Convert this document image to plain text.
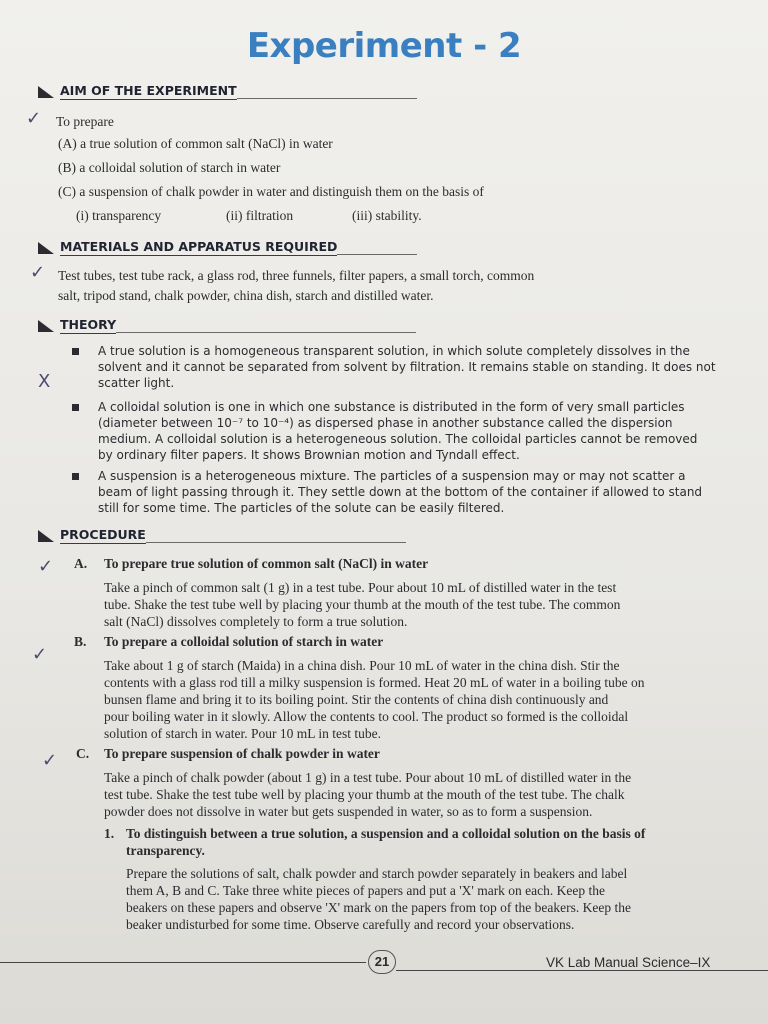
Experiment - 2
AIM OF THE EXPERIMENT
✓ To prepare
(A) a true solution of common salt (NaCl) in water
(B) a colloidal solution of starch in water
(C) a suspension of chalk powder in water and distinguish them on the basis of
(i) transparency	(ii) filtration	(iii) stability.
MATERIALS AND APPARATUS REQUIRED
✓ Test tubes, test tube rack, a glass rod, three funnels, filter papers, a small torch, common
salt, tripod stand, chalk powder, china dish, starch and distilled water.
THEORY
A true solution is a homogeneous transparent solution, in which solute completely dissolves in the
solvent and it cannot be separated from solvent by filtration. It remains stable on standing. It does not
scatter light.
X
A colloidal solution is one in which one substance is distributed in the form of very small particles
(diameter between 10⁻⁷ to 10⁻⁴) as dispersed phase in another substance called the dispersion
medium. A colloidal solution is a heterogeneous solution. The colloidal particles cannot be removed
by ordinary filter papers. It shows Brownian motion and Tyndall effect.
A suspension is a heterogeneous mixture. The particles of a suspension may or may not scatter a
beam of light passing through it. They settle down at the bottom of the container if allowed to stand
still for some time. The particles of the solute can be easily filtered.
PROCEDURE
✓ A. To prepare true solution of common salt (NaCl) in water
Take a pinch of common salt (1 g) in a test tube. Pour about 10 mL of distilled water in the test
tube. Shake the test tube well by placing your thumb at the mouth of the test tube. The common
salt (NaCl) dissolves completely to form a true solution.
✓
B. To prepare a colloidal solution of starch in water
Take about 1 g of starch (Maida) in a china dish. Pour 10 mL of water in the china dish. Stir the
contents with a glass rod till a milky suspension is formed. Heat 20 mL of water in a boiling tube on
bunsen flame and bring it to its boiling point. Stir the contents of china dish continuously and
pour boiling water in it slowly. Allow the contents to cool. The product so formed is the colloidal
solution of starch in water. Pour 10 mL in test tube.
✓ C. To prepare suspension of chalk powder in water
Take a pinch of chalk powder (about 1 g) in a test tube. Pour about 10 mL of distilled water in the
test tube. Shake the test tube well by placing your thumb at the mouth of the test tube. The chalk
powder does not dissolve in water but gets suspended in water, so as to form a suspension.
1. To distinguish between a true solution, a suspension and a colloidal solution on the basis of
transparency.
Prepare the solutions of salt, chalk powder and starch powder separately in beakers and label
them A, B and C. Take three white pieces of papers and put a 'X' mark on each. Keep the
beakers on these papers and observe 'X' mark on the papers from top of the beakers. Keep the
beaker undisturbed for some time. Observe carefully and record your observations.
21	VK Lab Manual Science–IX
